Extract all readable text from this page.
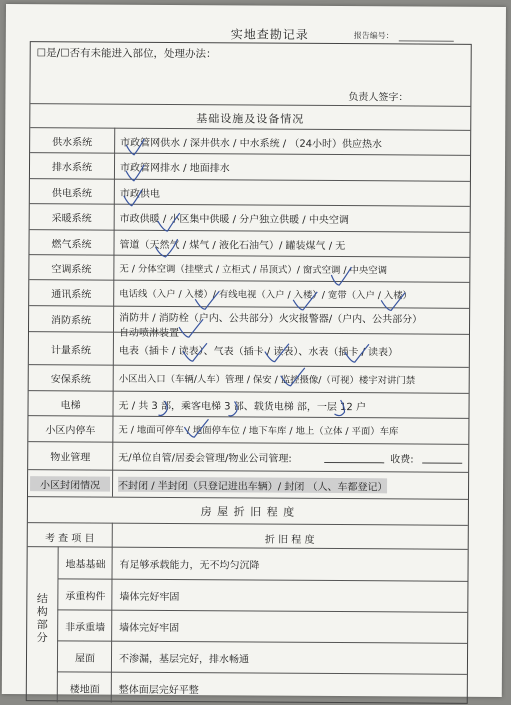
实地查勘记录	报告编号：
☐是/☐否有未能进入部位，处理办法：
负责人签字：
基础设施及设备情况
供水系统	市政管网供水 / 深井供水 / 中水系统 / （24小时）供应热水
排水系统	市政管网排水 / 地面排水
供电系统	市政供电
采暖系统	市政供暖 / 小区集中供暖 / 分户独立供暖 / 中央空调
燃气系统	管道（天然气 / 煤气 / 液化石油气）/ 罐装煤气 / 无
空调系统	无 / 分体空调（挂壁式 / 立柜式 / 吊顶式）/ 窗式空调 / 中央空调
通讯系统	电话线（入户 / 入楼）/ 有线电视（入户 / 入楼）/ 宽带（入户 / 入楼）
消防系统	消防井 / 消防栓（户内、公共部分）火灾报警器/（户内、公共部分）
自动喷淋装置
计量系统	电表（插卡 / 读表）、气表（插卡 / 读表）、水表（插卡 / 读表）
安保系统	小区出入口（车辆/人车）管理 / 保安 / 监控摄像/（可视）楼宇对讲门禁
电梯	无 / 共 3 部，乘客电梯 3 部、载货电梯 部，一层 12 户
小区内停车	无 / 地面可停车 / 地面停车位 / 地下车库 / 地上（立体 / 平面）车库
物业管理	无/单位自管/居委会管理/物业公司管理:	收费:
小区封闭情况	不封闭 / 半封闭（只登记进出车辆）/ 封闭 （人、车都登记）
房 屋 折 旧 程 度
考 查 项 目	折 旧 程 度
结
构
部
分
地基基础	有足够承载能力，无不均匀沉降
承重构件	墙体完好牢固
非承重墙	墙体完好牢固
屋面	不渗漏，基层完好，排水畅通
楼地面	整体面层完好平整
